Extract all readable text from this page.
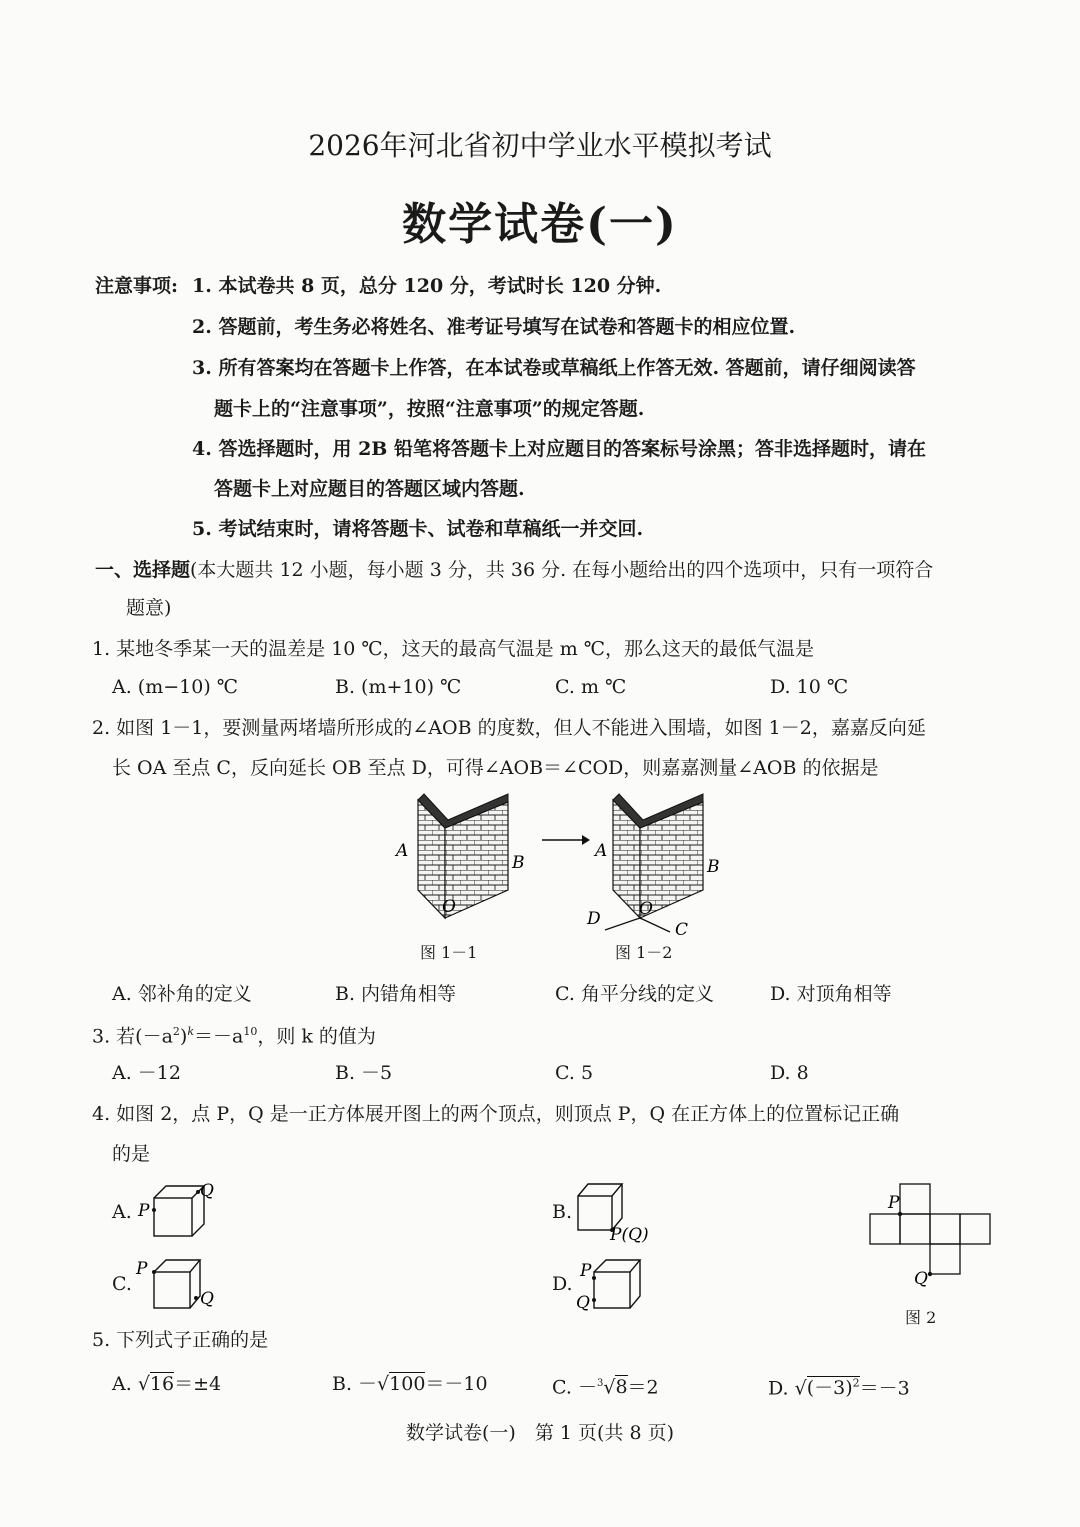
2026年河北省初中学业水平模拟考试
数学试卷(一)
注意事项: 1. 本试卷共 8 页，总分 120 分，考试时长 120 分钟.
2. 答题前，考生务必将姓名、准考证号填写在试卷和答题卡的相应位置.
3. 所有答案均在答题卡上作答，在本试卷或草稿纸上作答无效. 答题前，请仔细阅读答
题卡上的“注意事项”，按照“注意事项”的规定答题.
4. 答选择题时，用 2B 铅笔将答题卡上对应题目的答案标号涂黑；答非选择题时，请在
答题卡上对应题目的答题区域内答题.
5. 考试结束时，请将答题卡、试卷和草稿纸一并交回.
一、选择题(本大题共 12 小题，每小题 3 分，共 36 分. 在每小题给出的四个选项中，只有一项符合
题意)
1. 某地冬季某一天的温差是 10 ℃，这天的最高气温是 m ℃，那么这天的最低气温是
A. (m−10) ℃	B. (m+10) ℃	C. m ℃	D. 10 ℃
2. 如图 1－1，要测量两堵墙所形成的∠AOB 的度数，但人不能进入围墙，如图 1－2，嘉嘉反向延
长 OA 至点 C，反向延长 OB 至点 D，可得∠AOB＝∠COD，则嘉嘉测量∠AOB 的依据是
A
B
O
图 1－1
A
B
O
C
D
图 1－2
A. 邻补角的定义	B. 内错角相等	C. 角平分线的定义	D. 对顶角相等
3. 若$(-a^2)^k=-a^{10}$，则 k 的值为
A. －12	B. －5	C. 5	D. 8
4. 如图 2，点 P，Q 是一正方体展开图上的两个顶点，则顶点 P，Q 在正方体上的位置标记正确
的是
A. P
Q
B.
P(Q)
C.
P
Q
D.
P
Q
P
Q
图 2
5. 下列式子正确的是
A. √16＝±4	B. －√100＝－10	C. －$^3$√8＝2	D. $√(-3)^2=-3$
数学试卷(一)　第 1 页(共 8 页)
